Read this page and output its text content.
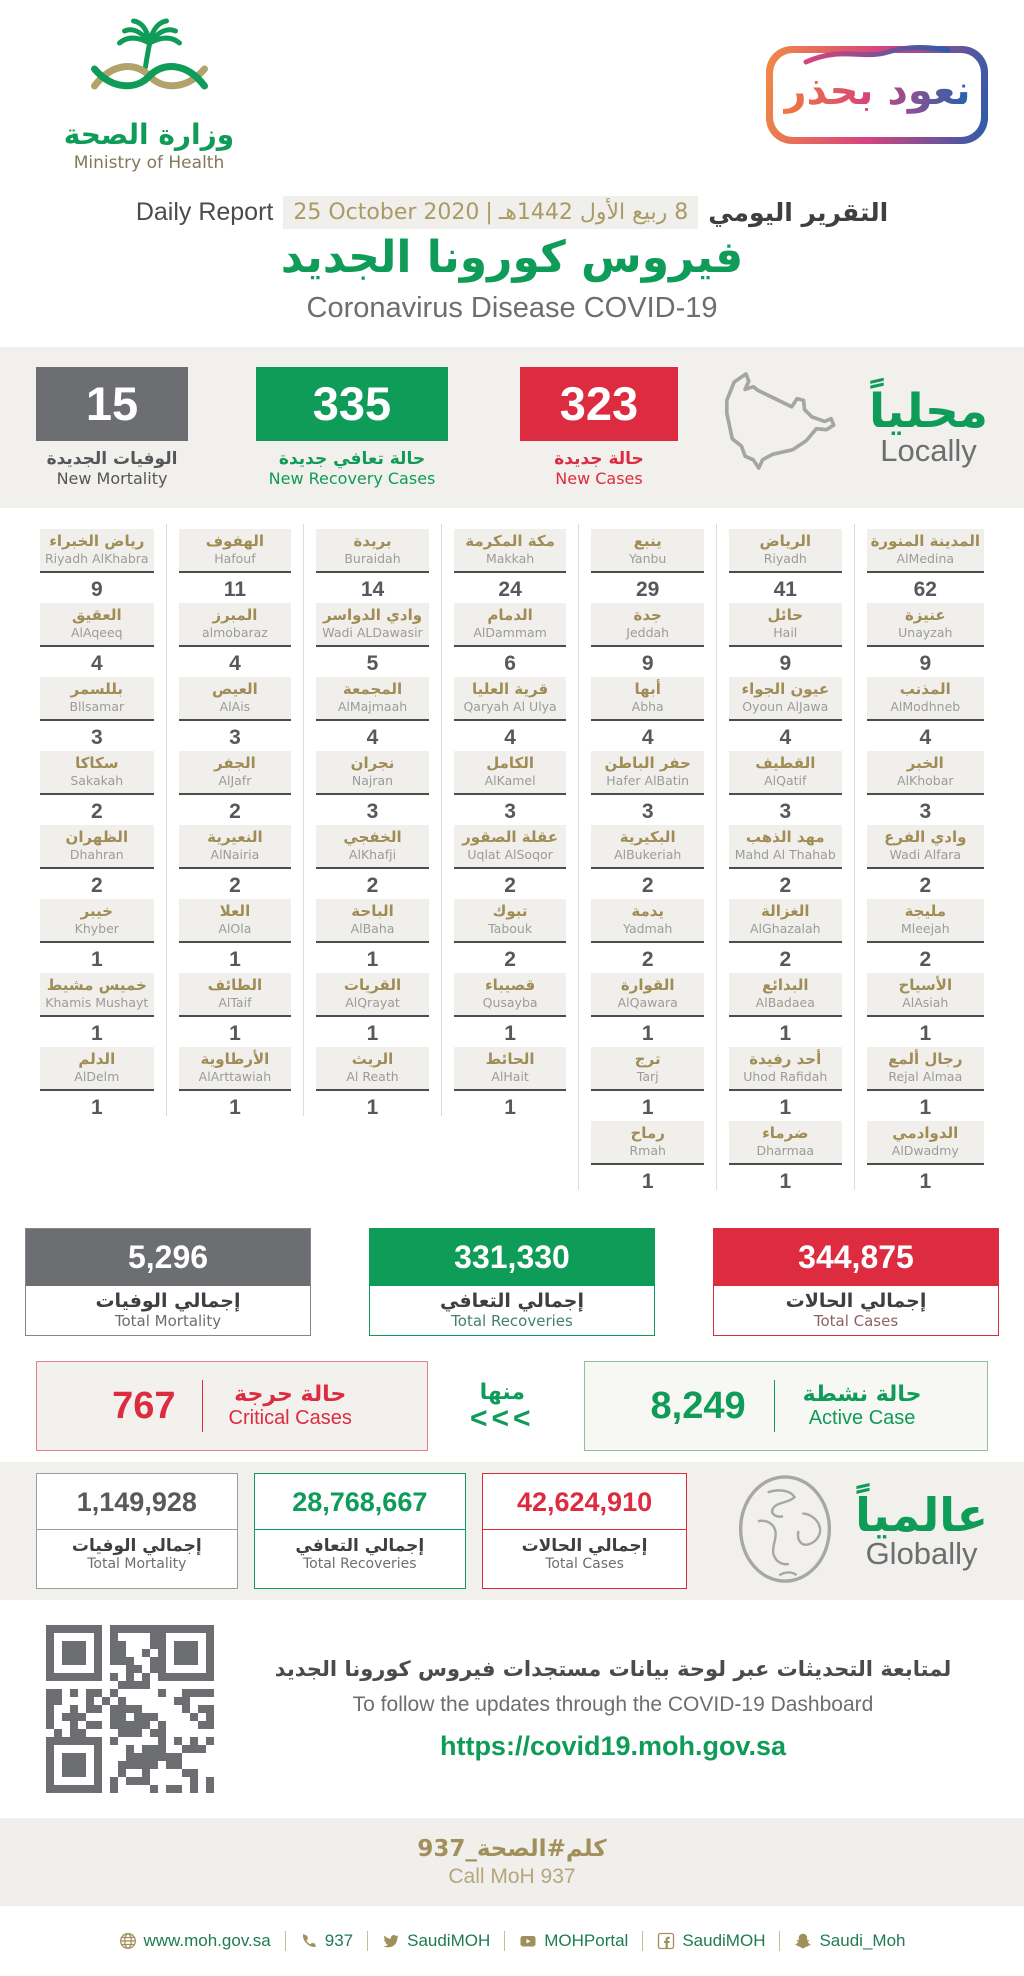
وزارة الصحة
Ministry of Health
نعود بحذر
Daily Report 25 October 2020 | 8 ربيع الأول 1442هـ التقرير اليومي
فيروس كورونا الجديد
Coronavirus Disease COVID-19
15
الوفيات الجديدة
New Mortality
335
حالة تعافي جديدة
New Recovery Cases
323
حالة جديدة
New Cases
محلياً
Locally
المدينة المنورة
AlMedina
62
الرياض
Riyadh
41
ينبع
Yanbu
29
مكة المكرمة
Makkah
24
بريدة
Buraidah
14
الهفوف
Hafouf
11
رياض الخبراء
Riyadh AlKhabra
9
عنيزة
Unayzah
9
حائل
Hail
9
جدة
Jeddah
9
الدمام
AlDammam
6
وادي الدواسر
Wadi ALDawasir
5
المبرز
almobaraz
4
العقيق
AlAqeeq
4
المذنب
AlModhneb
4
عيون الجواء
Oyoun AlJawa
4
أبها
Abha
4
قرية العليا
Qaryah Al Ulya
4
المجمعة
AlMajmaah
4
العيص
AlAis
3
بللسمر
Bllsamar
3
الخبر
AlKhobar
3
القطيف
AlQatif
3
حفر الباطن
Hafer AlBatin
3
الكامل
AlKamel
3
نجران
Najran
3
الجفر
AlJafr
2
سكاكا
Sakakah
2
وادي الفرع
Wadi Alfara
2
مهد الذهب
Mahd Al Thahab
2
البكيرية
AlBukeriah
2
عقلة الصقور
Uqlat AlSoqor
2
الخفجي
AlKhafji
2
النعيرية
AlNairia
2
الظهران
Dhahran
2
مليجة
Mleejah
2
الغزالة
AlGhazalah
2
يدمة
Yadmah
2
تبوك
Tabouk
2
الباحة
AlBaha
1
العلا
AlOla
1
خيبر
Khyber
1
الأسياح
AlAsiah
1
البدائع
AlBadaea
1
القوارة
AlQawara
1
قصيباء
Qusayba
1
القريات
AlQrayat
1
الطائف
AlTaif
1
خميس مشيط
Khamis Mushayt
1
رجال ألمع
Rejal Almaa
1
أحد رفيدة
Uhod Rafidah
1
ترج
Tarj
1
الحائط
AlHait
1
الريث
Al Reath
1
الأرطاوية
AlArttawiah
1
الدلم
AlDelm
1
الدوادمي
AlDwadmy
1
ضرماء
Dharmaa
1
رماح
Rmah
1
5,296
إجمالي الوفيات
Total Mortality
331,330
إجمالي التعافي
Total Recoveries
344,875
إجمالي الحالات
Total Cases
767	حالة حرجة
Critical Cases
منها
<<<	8,249	حالة نشطة
Active Case
1,149,928
إجمالي الوفيات
Total Mortality
28,768,667
إجمالي التعافي
Total Recoveries
42,624,910
إجمالي الحالات
Total Cases
عالمياً
Globally
لمتابعة التحديثات عبر لوحة بيانات مستجدات فيروس كورونا الجديد
To follow the updates through the COVID-19 Dashboard
https://covid19.moh.gov.sa
كلم#الصحة_937
Call MoH 937
www.moh.gov.sa	937	SaudiMOH	MOHPortal	SaudiMOH	Saudi_Moh
